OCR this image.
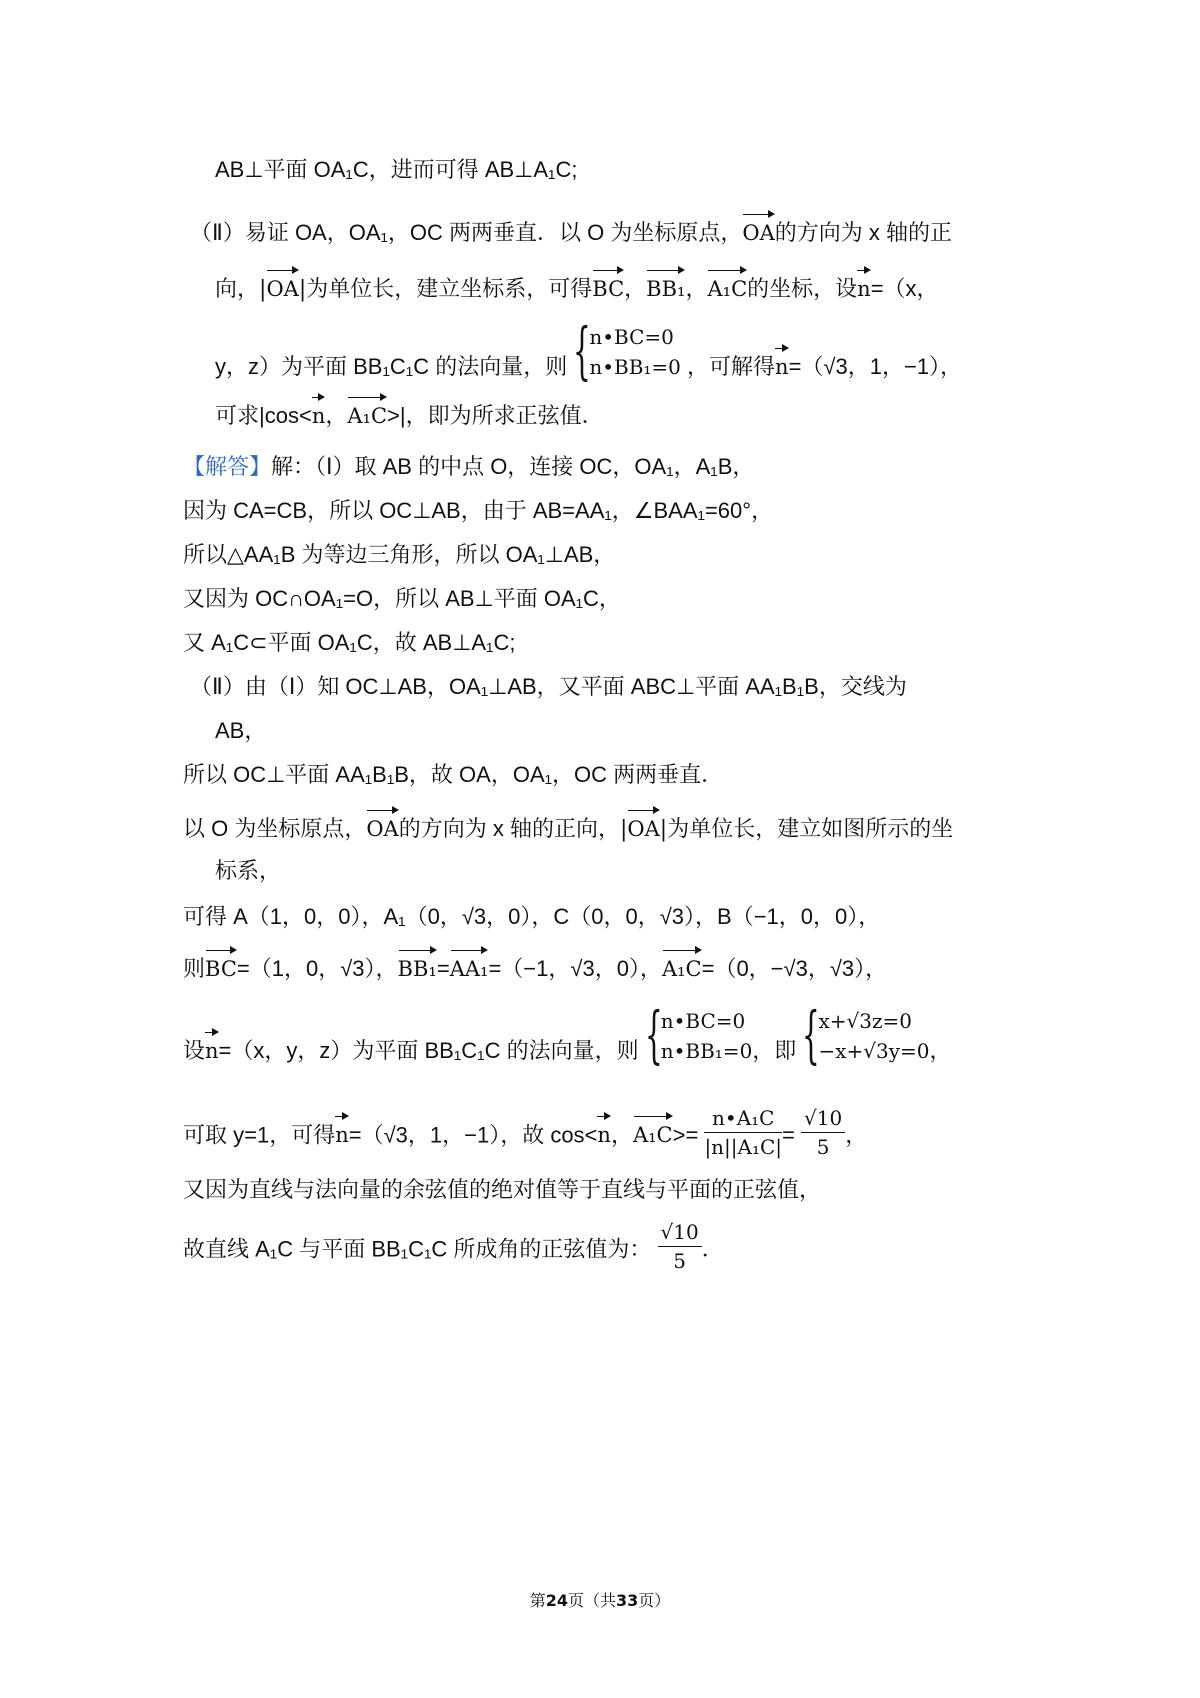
AB⊥平面 OA₁C，进而可得 AB⊥A₁C;
（Ⅱ）易证 OA，OA₁，OC 两两垂直．以 O 为坐标原点，OA的方向为 x 轴的正
向，|OA|为单位长，建立坐标系，可得BC，BB₁，A₁C的坐标，设n=（x，
y，z）为平面 BB₁C₁C 的法向量，则 {
n•BC=0
n•BB₁=0 ，可解得n=（√3，1，−1），
可求|cos<n，A₁C>|，即为所求正弦值．
【解答】解：（Ⅰ）取 AB 的中点 O，连接 OC，OA₁，A₁B，
因为 CA=CB，所以 OC⊥AB，由于 AB=AA₁，∠BAA₁=60°，
所以△AA₁B 为等边三角形，所以 OA₁⊥AB，
又因为 OC∩OA₁=O，所以 AB⊥平面 OA₁C，
又 A₁C⊂平面 OA₁C，故 AB⊥A₁C;
（Ⅱ）由（Ⅰ）知 OC⊥AB，OA₁⊥AB，又平面 ABC⊥平面 AA₁B₁B，交线为
AB，
所以 OC⊥平面 AA₁B₁B，故 OA，OA₁，OC 两两垂直．
以 O 为坐标原点，OA的方向为 x 轴的正向，|OA|为单位长，建立如图所示的坐
标系，
可得 A（1，0，0），A₁（0，√3，0），C（0，0，√3），B（−1，0，0），
则BC=（1，0，√3），BB₁=AA₁=（−1，√3，0），A₁C=（0，−√3，√3），
设n=（x，y，z）为平面 BB₁C₁C 的法向量，则 {
n•BC=0
n•BB₁=0 ，即 {
x+√3z=0
−x+√3y=0 ，
可取 y=1，可得n=（√3，1，−1），故 cos<n，$A_1C>= \frac{\text{n•A₁C}}{\text{|n||A₁C|}} = \frac{√10}{5}$ ，
又因为直线与法向量的余弦值的绝对值等于直线与平面的正弦值，
故直线 A₁C 与平面 BB₁C₁C 所成角的正弦值为： $\frac{√10}{5}$ ．
第24页（共33页）
